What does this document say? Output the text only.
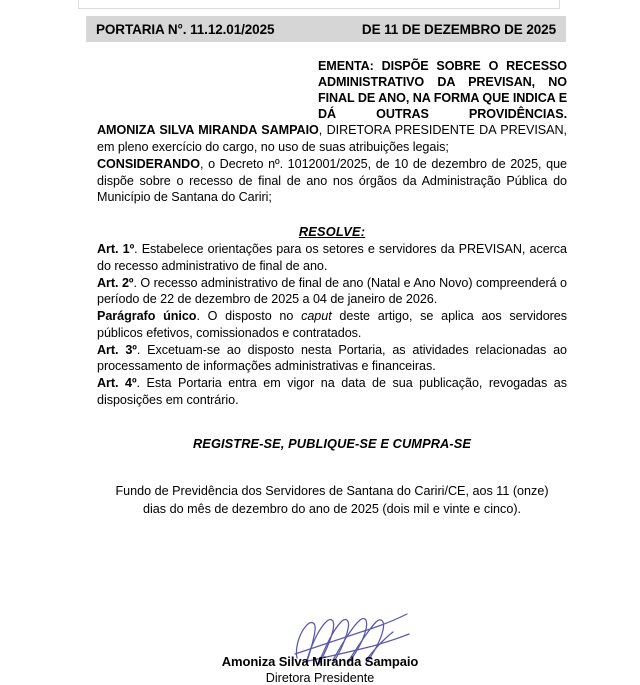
PORTARIA N°. 11.12.01/2025	DE 11 DE DEZEMBRO DE 2025
EMENTA: DISPÕE SOBRE O RECESSO ADMINISTRATIVO DA PREVISAN, NO FINAL DE ANO, NA FORMA QUE INDICA E DÁ OUTRAS PROVIDÊNCIAS.

AMONIZA SILVA MIRANDA SAMPAIO, DIRETORA PRESIDENTE DA PREVISAN, em pleno exercício do cargo, no uso de suas atribuições legais;

CONSIDERANDO, o Decreto nº. 1012001/2025, de 10 de dezembro de 2025, que dispõe sobre o recesso de final de ano nos órgãos da Administração Pública do Município de Santana do Cariri;

RESOLVE:

Art. 1º. Estabelece orientações para os setores e servidores da PREVISAN, acerca do recesso administrativo de final de ano.

Art. 2º. O recesso administrativo de final de ano (Natal e Ano Novo) compreenderá o período de 22 de dezembro de 2025 a 04 de janeiro de 2026.

Parágrafo único. O disposto no caput deste artigo, se aplica aos servidores públicos efetivos, comissionados e contratados.

Art. 3º. Excetuam-se ao disposto nesta Portaria, as atividades relacionadas ao processamento de informações administrativas e financeiras.

Art. 4º. Esta Portaria entra em vigor na data de sua publicação, revogadas as disposições em contrário.

REGISTRE-SE, PUBLIQUE-SE E CUMPRA-SE
Fundo de Previdência dos Servidores de Santana do Cariri/CE, aos 11 (onze) dias do mês de dezembro do ano de 2025 (dois mil e vinte e cinco).
Amoniza Silva Miranda Sampaio
Diretora Presidente
